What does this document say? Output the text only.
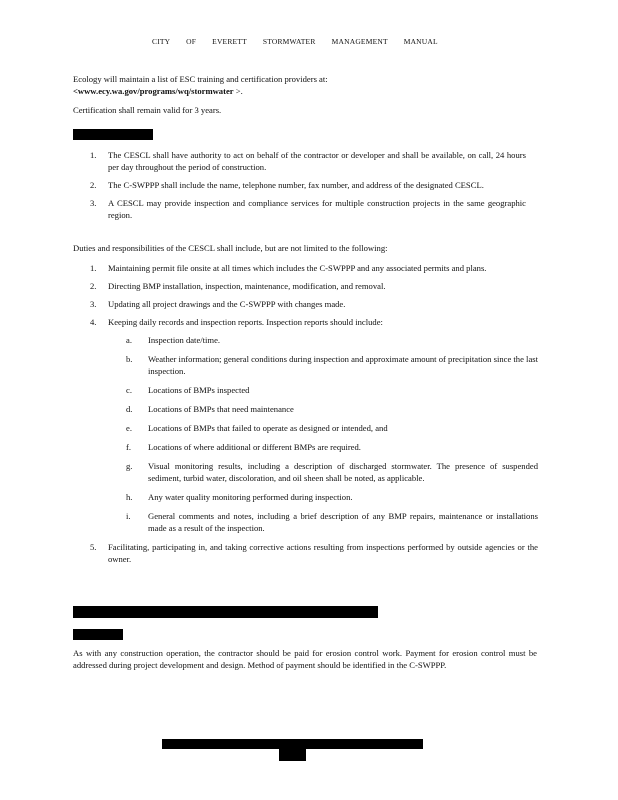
CITY OF EVERETT STORMWATER MANAGEMENT MANUAL
Ecology will maintain a list of ESC training and certification providers at:
<www.ecy.wa.gov/programs/wq/stormwater >.
Certification shall remain valid for 3 years.
1. The CESCL shall have authority to act on behalf of the contractor or developer and shall be available, on call, 24 hours per day throughout the period of construction.
2. The C-SWPPP shall include the name, telephone number, fax number, and address of the designated CESCL.
3. A CESCL may provide inspection and compliance services for multiple construction projects in the same geographic region.
Duties and responsibilities of the CESCL shall include, but are not limited to the following:
1. Maintaining permit file onsite at all times which includes the C-SWPPP and any associated permits and plans.
2. Directing BMP installation, inspection, maintenance, modification, and removal.
3. Updating all project drawings and the C-SWPPP with changes made.
4. Keeping daily records and inspection reports. Inspection reports should include:
a. Inspection date/time.
b. Weather information; general conditions during inspection and approximate amount of precipitation since the last inspection.
c. Locations of BMPs inspected
d. Locations of BMPs that need maintenance
e. Locations of BMPs that failed to operate as designed or intended, and
f. Locations of where additional or different BMPs are required.
g. Visual monitoring results, including a description of discharged stormwater. The presence of suspended sediment, turbid water, discoloration, and oil sheen shall be noted, as applicable.
h. Any water quality monitoring performed during inspection.
i. General comments and notes, including a brief description of any BMP repairs, maintenance or installations made as a result of the inspection.
5. Facilitating, participating in, and taking corrective actions resulting from inspections performed by outside agencies or the owner.
As with any construction operation, the contractor should be paid for erosion control work. Payment for erosion control must be addressed during project development and design. Method of payment should be identified in the C-SWPPP.
